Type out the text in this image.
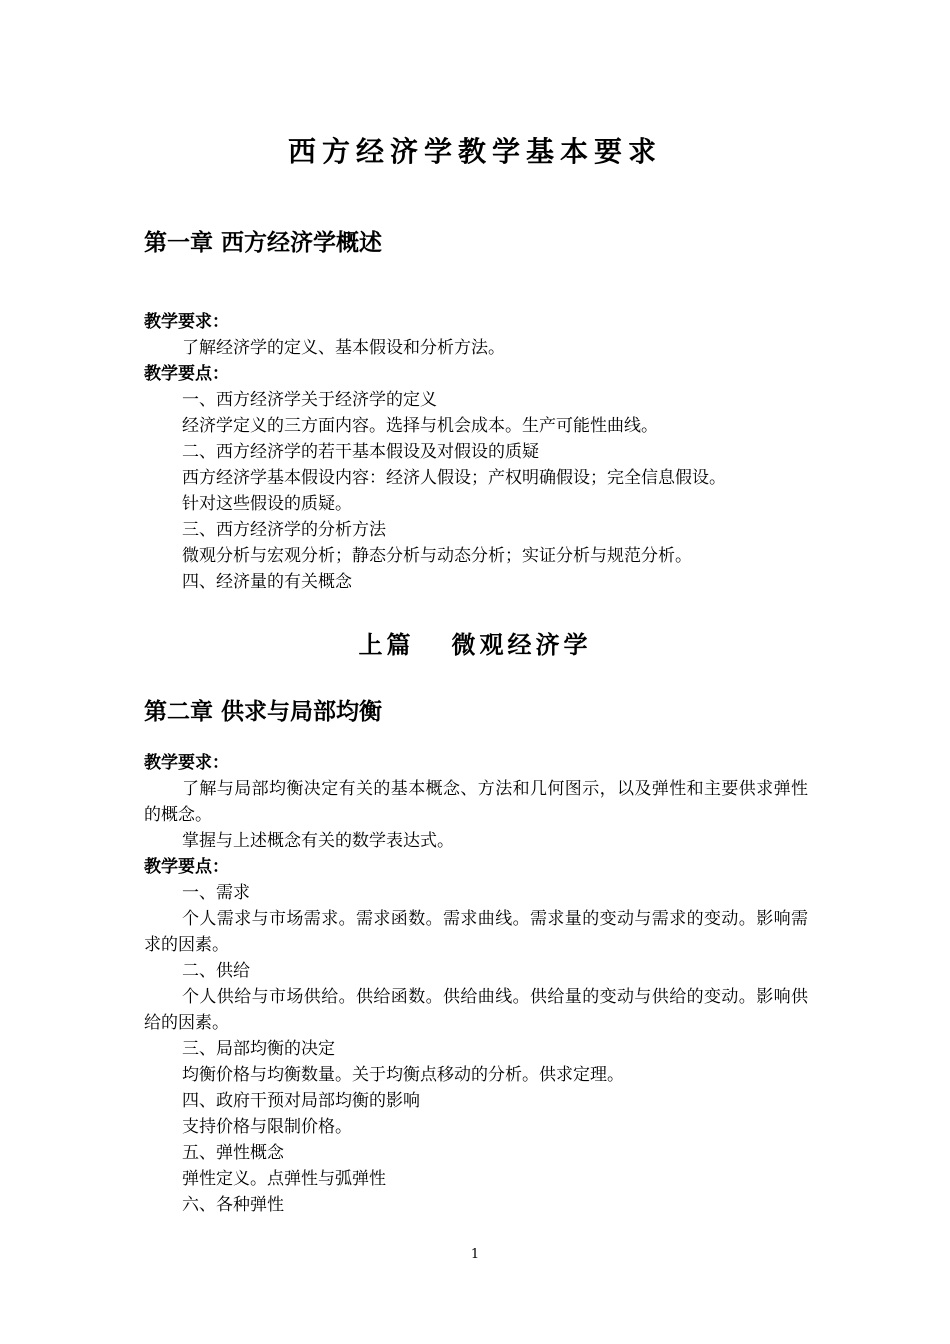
西方经济学教学基本要求
第一章 西方经济学概述

教学要求：

了解经济学的定义、基本假设和分析方法。

教学要点：

一、西方经济学关于经济学的定义

经济学定义的三方面内容。选择与机会成本。生产可能性曲线。

二、西方经济学的若干基本假设及对假设的质疑

西方经济学基本假设内容：经济人假设；产权明确假设；完全信息假设。

针对这些假设的质疑。

三、西方经济学的分析方法

微观分析与宏观分析；静态分析与动态分析；实证分析与规范分析。

四、经济量的有关概念

上篇   微观经济学
第二章 供求与局部均衡

教学要求：

了解与局部均衡决定有关的基本概念、方法和几何图示，以及弹性和主要供求弹性的概念。

掌握与上述概念有关的数学表达式。

教学要点：

一、需求

个人需求与市场需求。需求函数。需求曲线。需求量的变动与需求的变动。影响需求的因素。

二、供给

个人供给与市场供给。供给函数。供给曲线。供给量的变动与供给的变动。影响供给的因素。

三、局部均衡的决定

均衡价格与均衡数量。关于均衡点移动的分析。供求定理。

四、政府干预对局部均衡的影响

支持价格与限制价格。

五、弹性概念

弹性定义。点弹性与弧弹性

六、各种弹性

1
